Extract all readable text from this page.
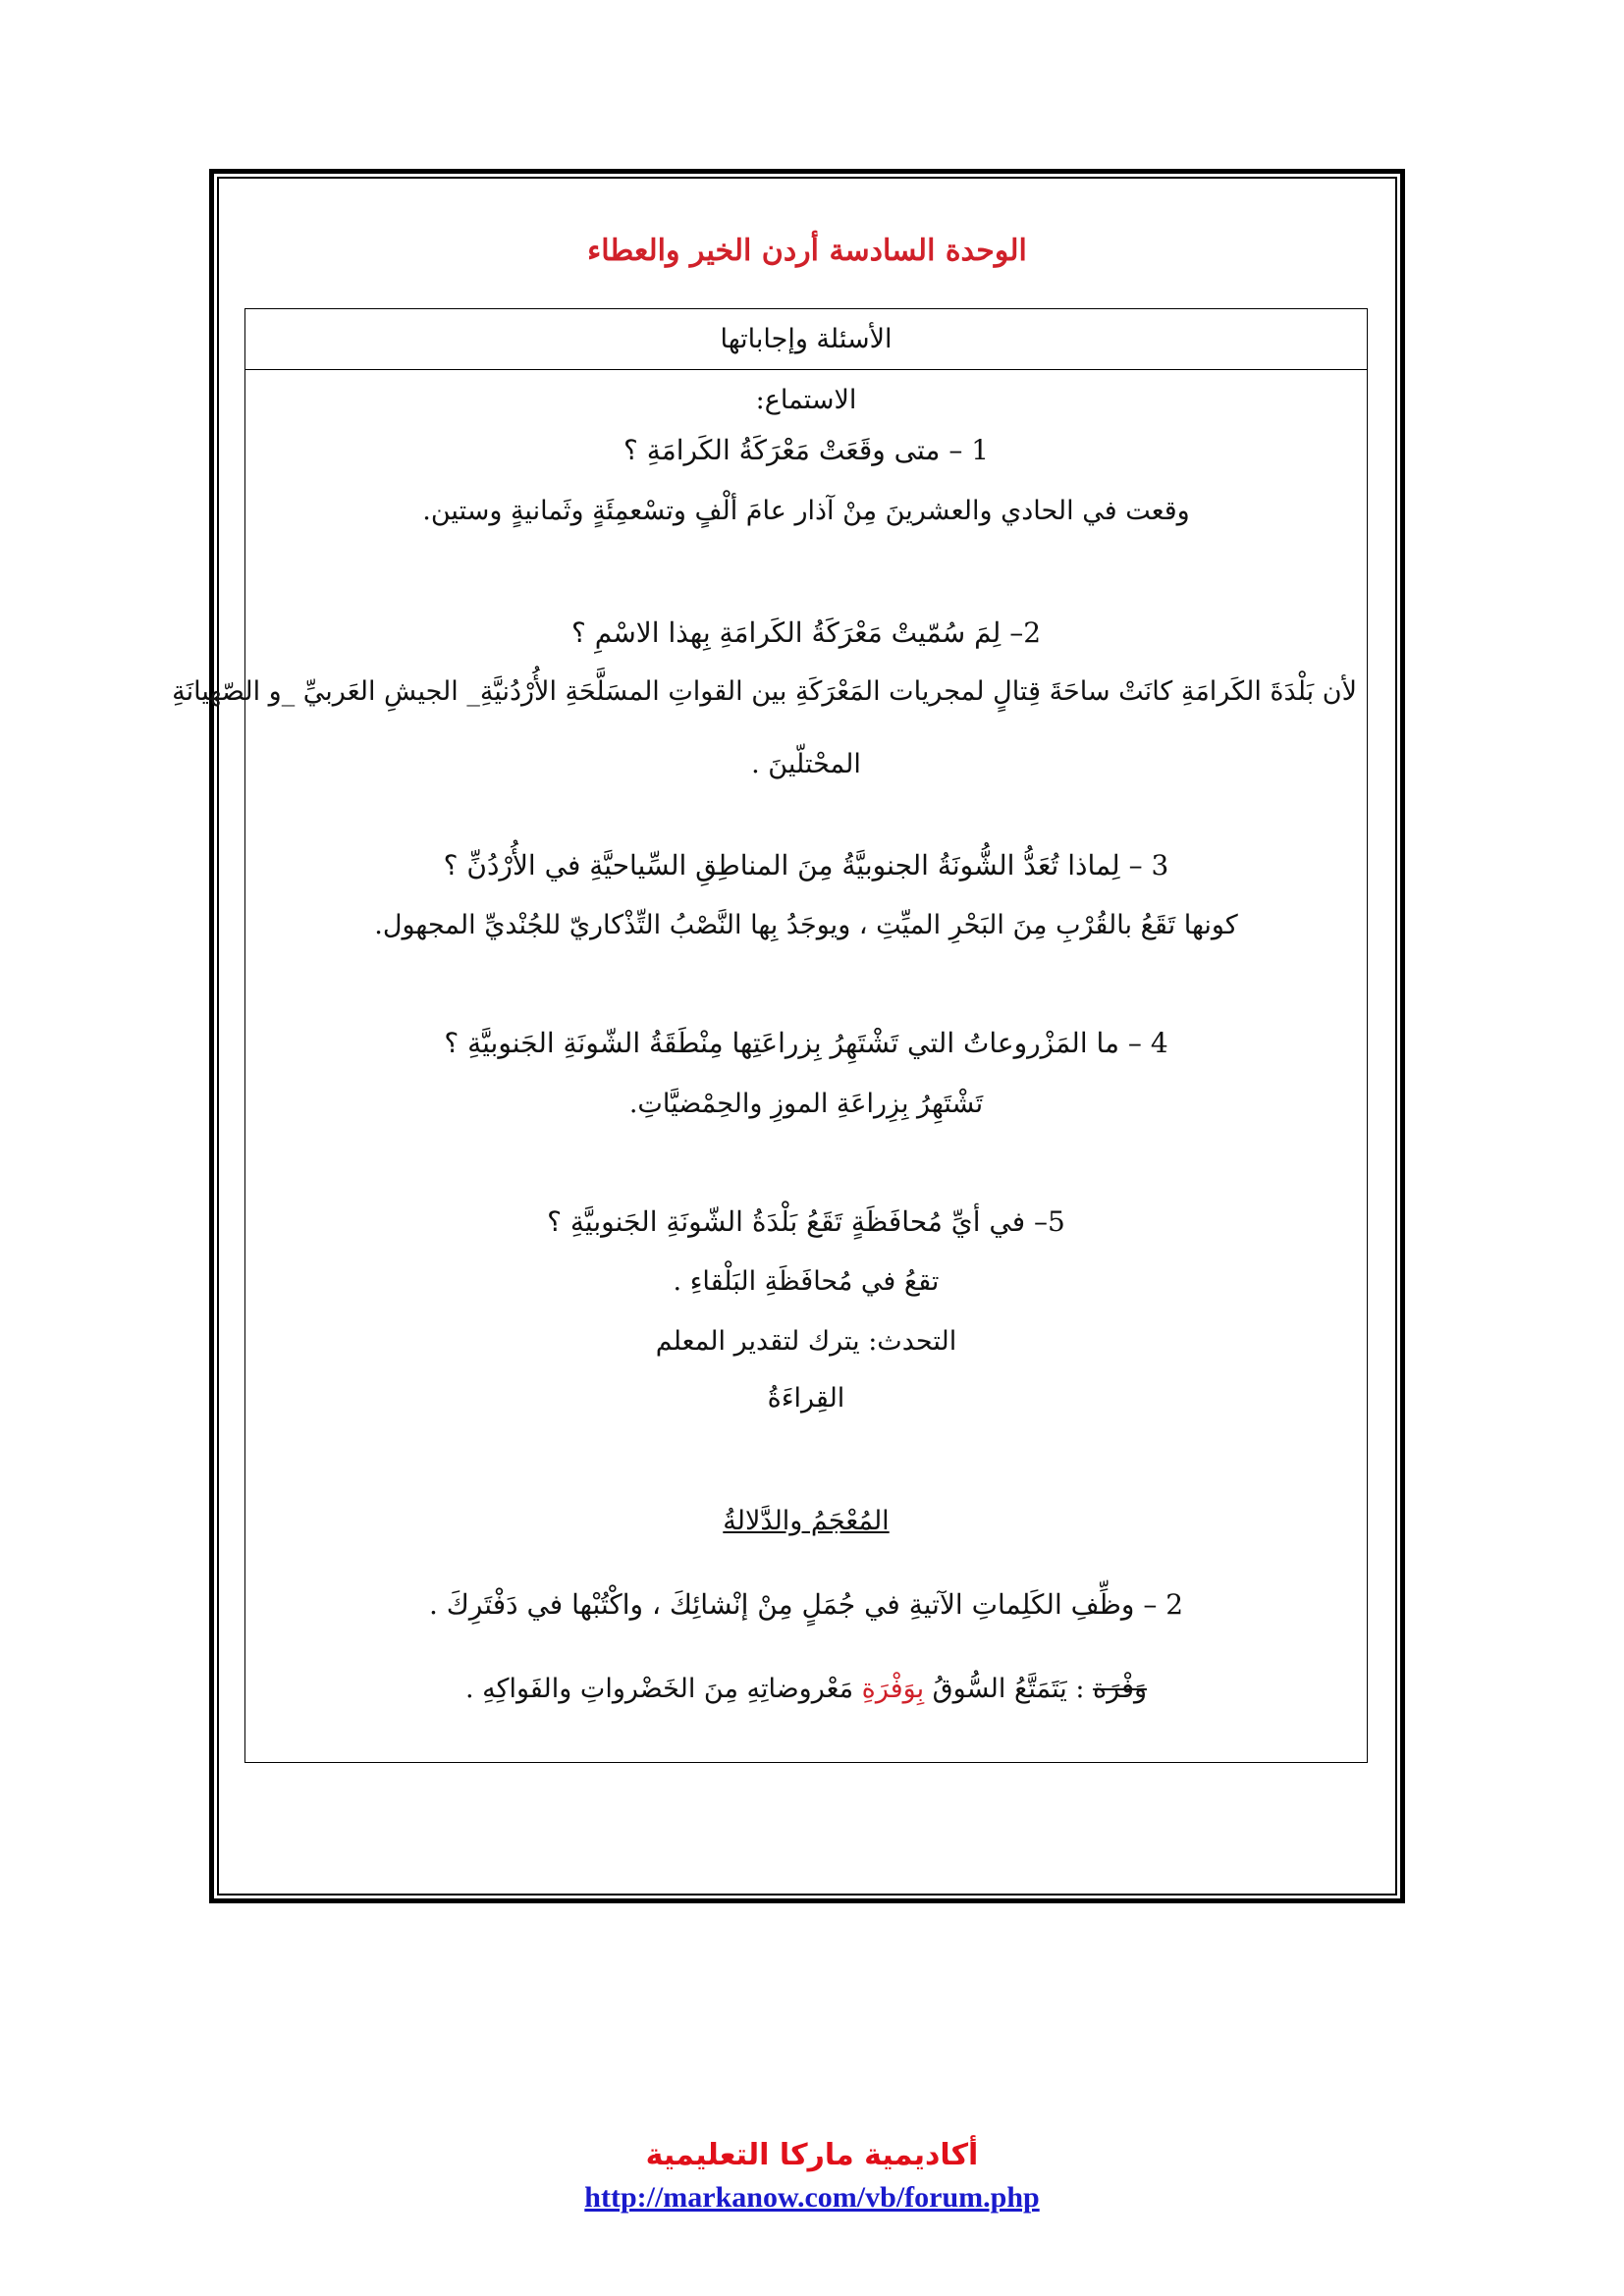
الوحدة السادسة أردن الخير والعطاء
الأسئلة وإجاباتها
الاستماع:
1 – متى وقَعَتْ مَعْرَكَةُ الكَرامَةِ ؟
وقعت في الحادي والعشرينَ مِنْ آذار عامَ ألْفٍ وتسْعمِئَةٍ وثَمانيةٍ وستين.
2– لِمَ سُمّيتْ مَعْرَكَةُ الكَرامَةِ بِهذا الاسْمِ ؟
لأن بَلْدَةَ الكَرامَةِ كانَتْ ساحَةَ قِتالٍ لمجريات المَعْرَكَةِ بين القواتِ المسَلَّحَةِ الأُرْدُنيَّةِ_ الجيشِ العَربيِّ _و الصّهيانَةِ
المحْتلّينَ .
3 – لِماذا تُعَدُّ الشُّونَةُ الجنوبيَّةُ مِنَ المناطِقِ السِّياحيَّةِ في الأُرْدُنِّ ؟
كونها تَقَعُ بالقُرْبِ مِنَ البَحْرِ الميِّتِ ، ويوجَدُ بِها النَّصْبُ التِّذْكاريّ للجُنْديِّ المجهول.
4 – ما المَزْروعاتُ التي تَشْتَهِرُ بِزراعَتِها مِنْطَقَةُ الشّونَةِ الجَنوبيَّةِ ؟
تَشْتَهِرُ بِزِراعَةِ الموزِ والحِمْضيَّاتِ.
5– في أيِّ مُحافَظَةٍ تَقَعُ بَلْدَةُ الشّونَةِ الجَنوبيَّةِ ؟
تقعُ في مُحافَظَةِ البَلْقاءِ .
التحدث: يترك لتقدير المعلم
القِراءَةُ
المُعْجَمُ والدَّلالةُ
2 – وظِّفِ الكَلِماتِ الآتيةِ في جُمَلٍ مِنْ إنْشائِكَ ، واكْتُبْها في دَفْتَرِكَ .
وَفْرَة : يَتَمَتَّعُ السُّوقُ بِوَفْرَةِ مَعْروضاتِهِ مِنَ الخَضْرواتِ والفَواكِهِ .
أكاديمية ماركا التعليمية
http://markanow.com/vb/forum.php
